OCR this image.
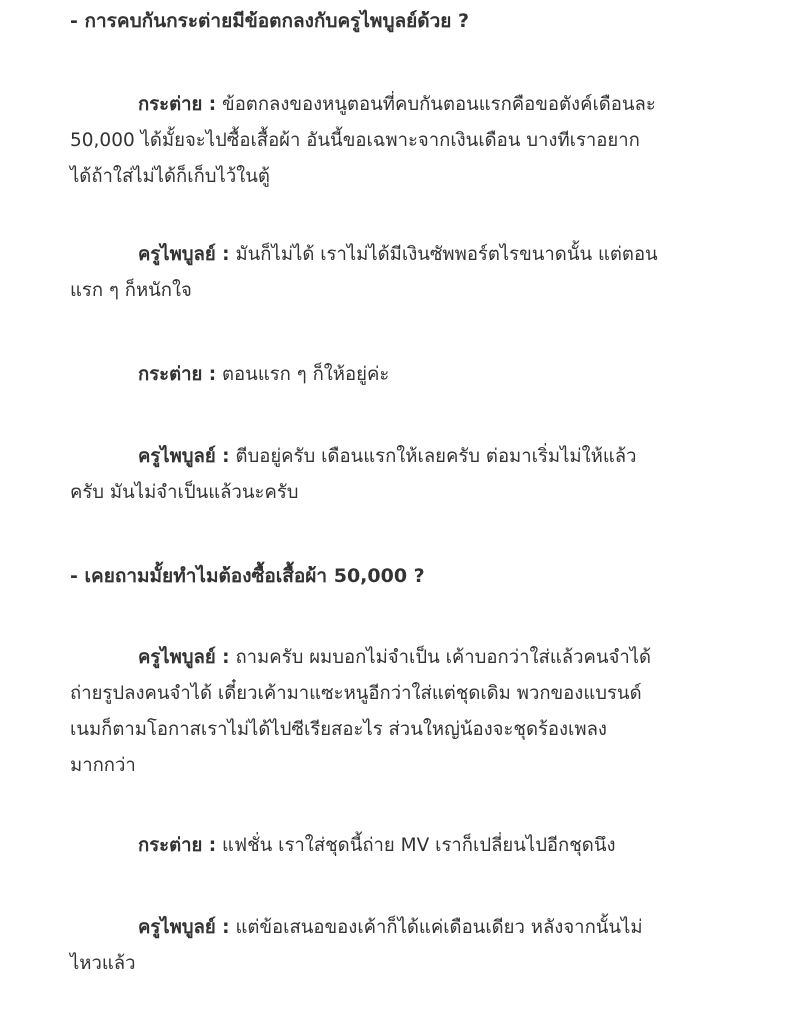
- การคบกันกระต่ายมีข้อตกลงกับครูไพบูลย์ด้วย ?

กระต่าย : ข้อตกลงของหนูตอนที่คบกันตอนแรกคือขอตังค์เดือนละ
50,000 ได้มั้ยจะไปซื้อเสื้อผ้า อันนี้ขอเฉพาะจากเงินเดือน บางทีเราอยาก
ได้ถ้าใส่ไม่ได้ก็เก็บไว้ในตู้

ครูไพบูลย์ : มันก็ไม่ได้ เราไม่ได้มีเงินซัพพอร์ตไรขนาดนั้น แต่ตอน
แรก ๆ ก็หนักใจ

กระต่าย : ตอนแรก ๆ ก็ให้อยู่ค่ะ

ครูไพบูลย์ : ตีบอยู่ครับ เดือนแรกให้เลยครับ ต่อมาเริ่มไม่ให้แล้ว
ครับ มันไม่จำเป็นแล้วนะครับ

- เคยถามมั้ยทำไมต้องซื้อเสื้อผ้า 50,000 ?

ครูไพบูลย์ : ถามครับ ผมบอกไม่จำเป็น เค้าบอกว่าใส่แล้วคนจำได้
ถ่ายรูปลงคนจำได้ เดี๋ยวเค้ามาแซะหนูอีกว่าใส่แต่ชุดเดิม พวกของแบรนด์
เนมก็ตามโอกาสเราไม่ได้ไปซีเรียสอะไร ส่วนใหญ่น้องจะชุดร้องเพลง
มากกว่า

กระต่าย : แฟชั่น เราใส่ชุดนี้ถ่าย MV เราก็เปลี่ยนไปอีกชุดนึง

ครูไพบูลย์ : แต่ข้อเสนอของเค้าก็ได้แค่เดือนเดียว หลังจากนั้นไม่
ไหวแล้ว
